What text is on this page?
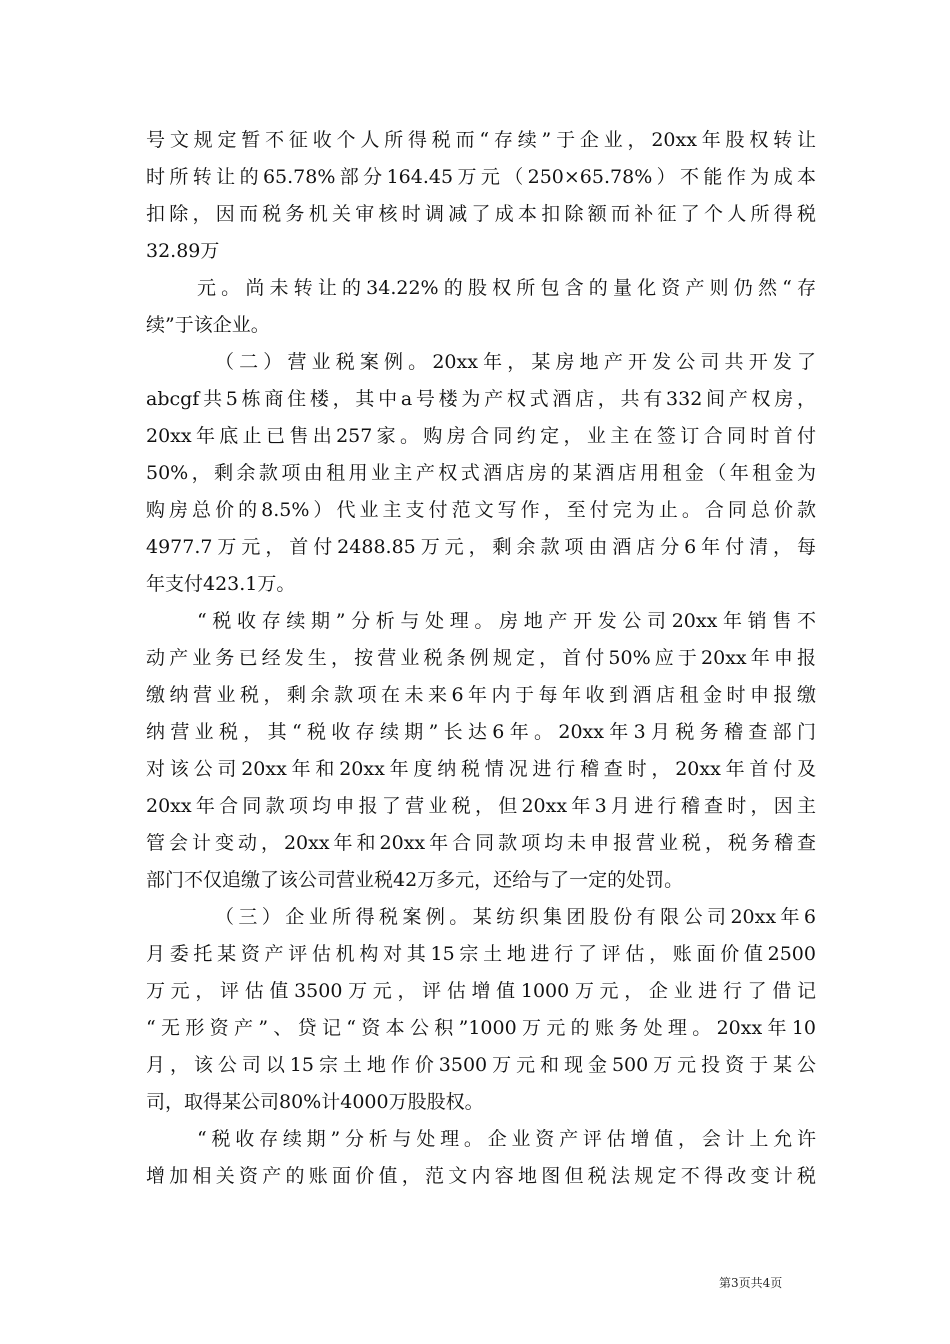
号文规定暂不征收个人所得税而“存续”于企业，20xx年股权转让
时所转让的65.78%部分164.45万元（250×65.78%）不能作为成本
扣除，因而税务机关审核时调减了成本扣除额而补征了个人所得税
32.89万
元。尚未转让的34.22%的股权所包含的量化资产则仍然“存
续”于该企业。
（二）营业税案例。20xx年，某房地产开发公司共开发了
abcgf共5栋商住楼，其中a号楼为产权式酒店，共有332间产权房，
20xx年底止已售出257家。购房合同约定，业主在签订合同时首付
50%，剩余款项由租用业主产权式酒店房的某酒店用租金（年租金为
购房总价的8.5%）代业主支付范文写作，至付完为止。合同总价款
4977.7万元，首付2488.85万元，剩余款项由酒店分6年付清，每
年支付423.1万。
“税收存续期”分析与处理。房地产开发公司20xx年销售不
动产业务已经发生，按营业税条例规定，首付50%应于20xx年申报
缴纳营业税，剩余款项在未来6年内于每年收到酒店租金时申报缴
纳营业税，其“税收存续期”长达6年。20xx年3月税务稽查部门
对该公司20xx年和20xx年度纳税情况进行稽查时，20xx年首付及
20xx年合同款项均申报了营业税，但20xx年3月进行稽查时，因主
管会计变动，20xx年和20xx年合同款项均未申报营业税，税务稽查
部门不仅追缴了该公司营业税42万多元，还给与了一定的处罚。
（三）企业所得税案例。某纺织集团股份有限公司20xx年6
月委托某资产评估机构对其15宗土地进行了评估，账面价值2500
万元，评估值3500万元，评估增值1000万元，企业进行了借记
“无形资产”、贷记“资本公积”1000万元的账务处理。20xx年10
月，该公司以15宗土地作价3500万元和现金500万元投资于某公
司，取得某公司80%计4000万股股权。
“税收存续期”分析与处理。企业资产评估增值，会计上允许
增加相关资产的账面价值，范文内容地图但税法规定不得改变计税
第3页共4页
